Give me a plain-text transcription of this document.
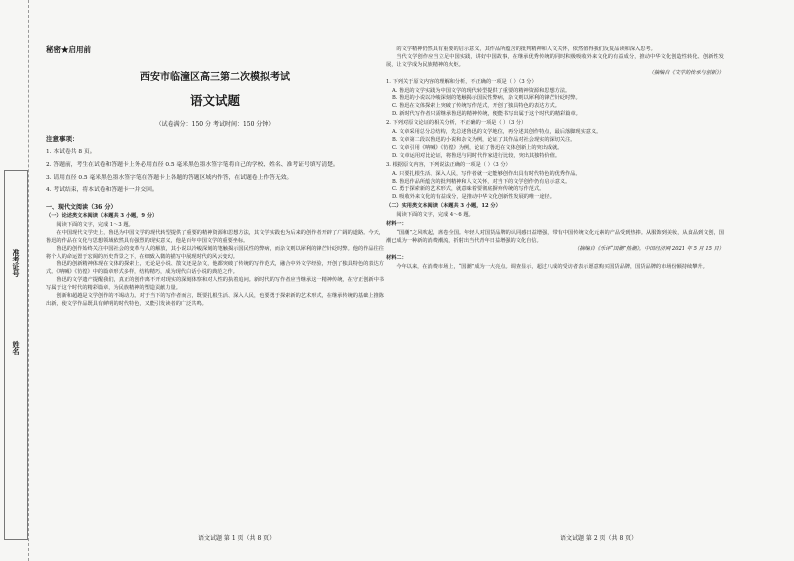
准考证号
姓名
秘密★启用前
西安市临潼区高三第二次模拟考试
语文试题
（试卷满分：150 分 考试时间：150 分钟）
注意事项：
1. 本试卷共 8 页。
2. 答题前，考生在试卷和答题卡上务必用直径 0.5 毫米黑色墨水签字笔将自己的学校、姓名、准考证号填写清楚。
3. 请用直径 0.5 毫米黑色墨水签字笔在答题卡上各题的答题区域内作答，在试题卷上作答无效。
4. 考试结束，将本试卷和答题卡一并交回。
一、现代文阅读（36 分）
（一）论述类文本阅读（本题共 3 小题，9 分）
阅读下面的文字，完成 1～3 题。
在中国现代文学史上，鲁迅为中国文学的现代转型提供了重要的精神资源和思想方法，其文学实践也为后来的创作者开辟了广阔的道路。今天，鲁迅的作品在文化与思想领域依然具有强烈的现实意义，他是百年中国文学的重要坐标。
鲁迅的创作始终关注中国社会的变革与人的解放，其小说以冷峻深刻的笔触揭示国民性的弊病，而杂文则以犀利的锋芒针砭时弊。他的作品往往将个人的命运置于宏阔的历史背景之下，在细致入微的描写中展现时代的风云变幻。
鲁迅的创新精神体现在文体的探索上，无论是小说、散文还是杂文，他都突破了传统的写作范式，融合中外文学经验，开创了独具特色的表达方式。《呐喊》《彷徨》中的篇章形式多样，结构精巧，成为现代白话小说的典范之作。
鲁迅的文学遗产提醒我们，真正的创作离不开对现实的深刻体察和对人性的执着追问。新时代的写作者应当继承这一精神传统，在守正创新中书写属于这个时代的精彩篇章，为民族精神的塑造贡献力量。
创新和超越是文学创作的不竭动力。对于当下的写作者而言，既要扎根生活、深入人民，也要勇于探索新的艺术形式，在继承传统的基础上推陈出新，使文学作品既具有鲜明的时代特色，又能引发读者的广泛共鸣。
的文学精神仍然具有重要的启示意义，其作品所蕴含的批判精神和人文关怀，依然值得我们反复品读和深入思考。
当代文学创作应当立足中国实践，讲好中国故事，在继承优秀传统的同时积极吸收外来文化的有益成分，推动中华文化创造性转化、创新性发展，让文学成为民族精神的火炬。
（摘编自《文学的传承与创新》）
1. 下列关于原文内容的理解和分析，不正确的一项是（ ）（3 分）
A. 鲁迅的文学实践为中国文学的现代转型提供了重要的精神资源和思想方法。
B. 鲁迅的小说以冷峻深刻的笔触揭示国民性弊病，杂文则以犀利的锋芒针砭时弊。
C. 鲁迅在文体探索上突破了传统写作范式，开创了独具特色的表达方式。
D. 新时代写作者只需继承鲁迅的精神传统，便能书写出属于这个时代的精彩篇章。
2. 下列对原文论证的相关分析，不正确的一项是（ ）（3 分）
A. 文章采用总分总结构，先总述鲁迅的文学地位，再分述其创作特点，最后落脚现实意义。
B. 文章第二段以鲁迅的小说和杂文为例，论证了其作品对社会现实的深切关注。
C. 文章引用《呐喊》《彷徨》为例，论证了鲁迅在文体创新上的突出成就。
D. 文章运用对比论证，将鲁迅与同时代作家进行比较，突出其独特价值。
3. 根据原文内容，下列说法正确的一项是（ ）（3 分）
A. 只要扎根生活、深入人民，写作者就一定能够创作出具有时代特色的优秀作品。
B. 鲁迅作品所蕴含的批判精神和人文关怀，对当下的文学创作仍有启示意义。
C. 勇于探索新的艺术形式，就意味着要彻底摒弃传统的写作范式。
D. 吸收外来文化的有益成分，是推动中华文化创新性发展的唯一途径。
（二）实用类文本阅读（本题共 3 小题，12 分）
阅读下面的文字，完成 4～6 题。
材料一：
“国潮”之风吹起，席卷全国。年轻人对国货品牌的认同感日益增强，带有中国传统文化元素的产品受到热捧。从服饰到美妆，从食品到文创，国潮已成为一种新的消费潮流，折射出当代青年日益增强的文化自信。
（摘编自《乐评“国潮”热潮》，中国经济网 2021 年 5 月 15 日）
材料二：
今年以来，在消费市场上，“国潮”成为一大亮点。调查显示，超过八成的受访者表示愿意购买国货品牌，国货品牌的市场份额持续攀升。
语文试题 第 1 页（共 8 页）	语文试题 第 2 页（共 8 页）
